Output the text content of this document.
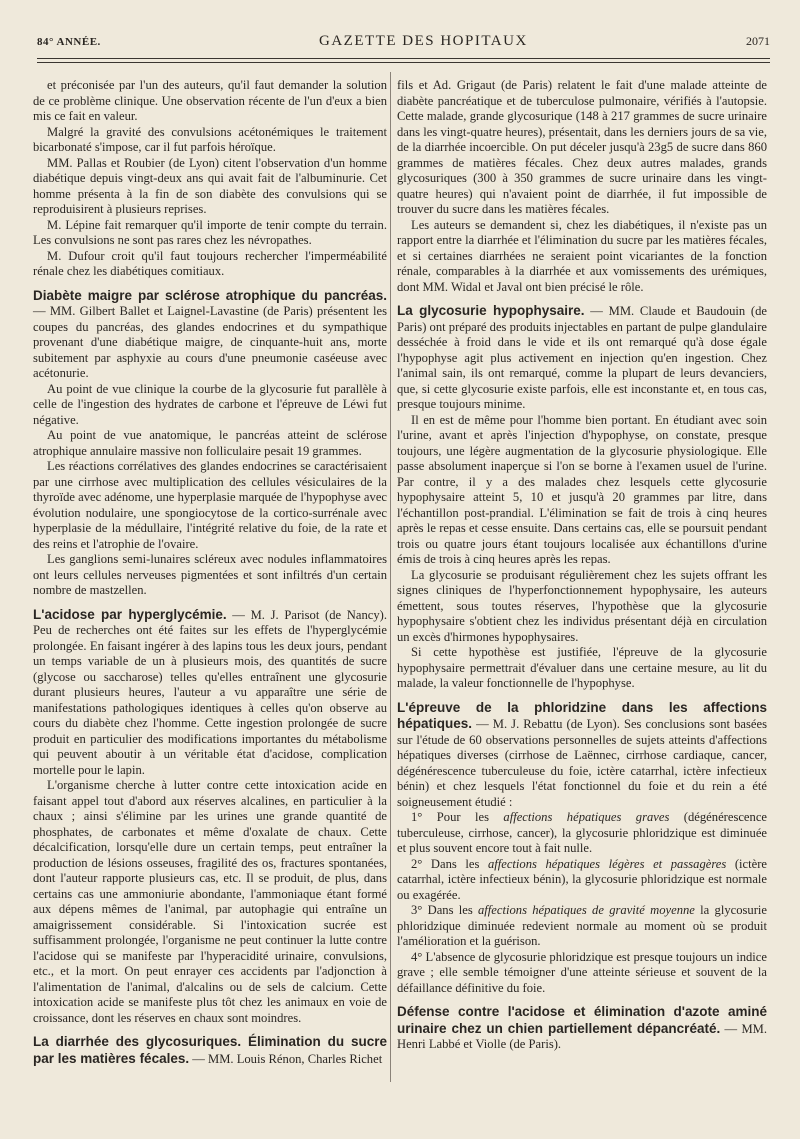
84° ANNÉE.	GAZETTE DES HOPITAUX	2071

et préconisée par l'un des auteurs, qu'il faut demander la solution de ce problème clinique. Une observation récente de l'un d'eux a bien mis ce fait en valeur.

Malgré la gravité des convulsions acétonémiques le traitement bicarbonaté s'impose, car il fut parfois héroïque.

MM. Pallas et Roubier (de Lyon) citent l'observation d'un homme diabétique depuis vingt-deux ans qui avait fait de l'albuminurie. Cet homme présenta à la fin de son diabète des convulsions qui se reproduisirent à plusieurs reprises.

M. Lépine fait remarquer qu'il importe de tenir compte du terrain. Les convulsions ne sont pas rares chez les névropathes.

M. Dufour croit qu'il faut toujours rechercher l'imperméabilité rénale chez les diabétiques comitiaux.

Diabète maigre par sclérose atrophique du pancréas. — MM. Gilbert Ballet et Laignel-Lavastine (de Paris) présentent les coupes du pancréas, des glandes endocrines et du sympathique provenant d'une diabétique maigre, de cinquante-huit ans, morte subitement par asphyxie au cours d'une pneumonie caséeuse avec acétonurie.

Au point de vue clinique la courbe de la glycosurie fut parallèle à celle de l'ingestion des hydrates de carbone et l'épreuve de Léwi fut négative.

Au point de vue anatomique, le pancréas atteint de sclérose atrophique annulaire massive non folliculaire pesait 19 grammes.

Les réactions corrélatives des glandes endocrines se caractérisaient par une cirrhose avec multiplication des cellules vésiculaires de la thyroïde avec adénome, une hyperplasie marquée de l'hypophyse avec évolution nodulaire, une spongiocytose de la cortico-surrénale avec hyperplasie de la médullaire, l'intégrité relative du foie, de la rate et des reins et l'atrophie de l'ovaire.

Les ganglions semi-lunaires scléreux avec nodules inflammatoires ont leurs cellules nerveuses pigmentées et sont infiltrés d'un certain nombre de mastzellen.

L'acidose par hyperglycémie. — M. J. Parisot (de Nancy). Peu de recherches ont été faites sur les effets de l'hyperglycémie prolongée. En faisant ingérer à des lapins tous les deux jours, pendant un temps variable de un à plusieurs mois, des quantités de sucre (glycose ou saccharose) telles qu'elles entraînent une glycosurie durant plusieurs heures, l'auteur a vu apparaître une série de manifestations pathologiques identiques à celles qu'on observe au cours du diabète chez l'homme. Cette ingestion prolongée de sucre produit en particulier des modifications importantes du métabolisme qui peuvent aboutir à un véritable état d'acidose, complication mortelle pour le lapin.

L'organisme cherche à lutter contre cette intoxication acide en faisant appel tout d'abord aux réserves alcalines, en particulier à la chaux ; ainsi s'élimine par les urines une grande quantité de phosphates, de carbonates et même d'oxalate de chaux. Cette décalcification, lorsqu'elle dure un certain temps, peut entraîner la production de lésions osseuses, fragilité des os, fractures spontanées, dont l'auteur rapporte plusieurs cas, etc. Il se produit, de plus, dans certains cas une ammoniurie abondante, l'ammoniaque étant formé aux dépens mêmes de l'animal, par autophagie qui entraîne un amaigrissement considérable. Si l'intoxication sucrée est suffisamment prolongée, l'organisme ne peut continuer la lutte contre l'acidose qui se manifeste par l'hyperacidité urinaire, convulsions, etc., et la mort. On peut enrayer ces accidents par l'adjonction à l'alimentation de l'animal, d'alcalins ou de sels de calcium. Cette intoxication acide se manifeste plus tôt chez les animaux en voie de croissance, dont les réserves en chaux sont moindres.

La diarrhée des glycosuriques. Élimination du sucre par les matières fécales. — MM. Louis Rénon, Charles Richet

fils et Ad. Grigaut (de Paris) relatent le fait d'une malade atteinte de diabète pancréatique et de tuberculose pulmonaire, vérifiés à l'autopsie. Cette malade, grande glycosurique (148 à 217 grammes de sucre urinaire dans les vingt-quatre heures), présentait, dans les derniers jours de sa vie, de la diarrhée incoercible. On put déceler jusqu'à 23g5 de sucre dans 860 grammes de matières fécales. Chez deux autres malades, grands glycosuriques (300 à 350 grammes de sucre urinaire dans les vingt-quatre heures) qui n'avaient point de diarrhée, il fut impossible de trouver du sucre dans les matières fécales.

Les auteurs se demandent si, chez les diabétiques, il n'existe pas un rapport entre la diarrhée et l'élimination du sucre par les matières fécales, et si certaines diarrhées ne seraient point vicariantes de la fonction rénale, comparables à la diarrhée et aux vomissements des urémiques, dont MM. Widal et Javal ont bien précisé le rôle.

La glycosurie hypophysaire. — MM. Claude et Baudouin (de Paris) ont préparé des produits injectables en partant de pulpe glandulaire desséchée à froid dans le vide et ils ont remarqué qu'à dose égale l'hypophyse agit plus activement en injection qu'en ingestion. Chez l'animal sain, ils ont remarqué, comme la plupart de leurs devanciers, que, si cette glycosurie existe parfois, elle est inconstante et, en tous cas, presque toujours minime.

Il en est de même pour l'homme bien portant. En étudiant avec soin l'urine, avant et après l'injection d'hypophyse, on constate, presque toujours, une légère augmentation de la glycosurie physiologique. Elle passe absolument inaperçue si l'on se borne à l'examen usuel de l'urine. Par contre, il y a des malades chez lesquels cette glycosurie hypophysaire atteint 5, 10 et jusqu'à 20 grammes par litre, dans l'échantillon post-prandial. L'élimination se fait de trois à cinq heures après le repas et cesse ensuite. Dans certains cas, elle se poursuit pendant trois ou quatre jours étant toujours localisée aux échantillons d'urine émis de trois à cinq heures après les repas.

La glycosurie se produisant régulièrement chez les sujets offrant les signes cliniques de l'hyperfonctionnement hypophysaire, les auteurs émettent, sous toutes réserves, l'hypothèse que la glycosurie hypophysaire s'obtient chez les individus présentant déjà en circulation un excès d'hirmones hypophysaires.

Si cette hypothèse est justifiée, l'épreuve de la glycosurie hypophysaire permettrait d'évaluer dans une certaine mesure, au lit du malade, la valeur fonctionnelle de l'hypophyse.

L'épreuve de la phloridzine dans les affections hépatiques. — M. J. Rebattu (de Lyon). Ses conclusions sont basées sur l'étude de 60 observations personnelles de sujets atteints d'affections hépatiques diverses (cirrhose de Laënnec, cirrhose cardiaque, cancer, dégénérescence tuberculeuse du foie, ictère catarrhal, ictère infectieux bénin) et chez lesquels l'état fonctionnel du foie et du rein a été soigneusement étudié :

1° Pour les affections hépatiques graves (dégénérescence tuberculeuse, cirrhose, cancer), la glycosurie phloridzique est diminuée et plus souvent encore tout à fait nulle.

2° Dans les affections hépatiques légères et passagères (ictère catarrhal, ictère infectieux bénin), la glycosurie phloridzique est normale ou exagérée.

3° Dans les affections hépatiques de gravité moyenne la glycosurie phloridzique diminuée redevient normale au moment où se produit l'amélioration et la guérison.

4° L'absence de glycosurie phloridzique est presque toujours un indice grave ; elle semble témoigner d'une atteinte sérieuse et souvent de la défaillance définitive du foie.

Défense contre l'acidose et élimination d'azote aminé urinaire chez un chien partiellement dépancréaté. — MM. Henri Labbé et Violle (de Paris).
